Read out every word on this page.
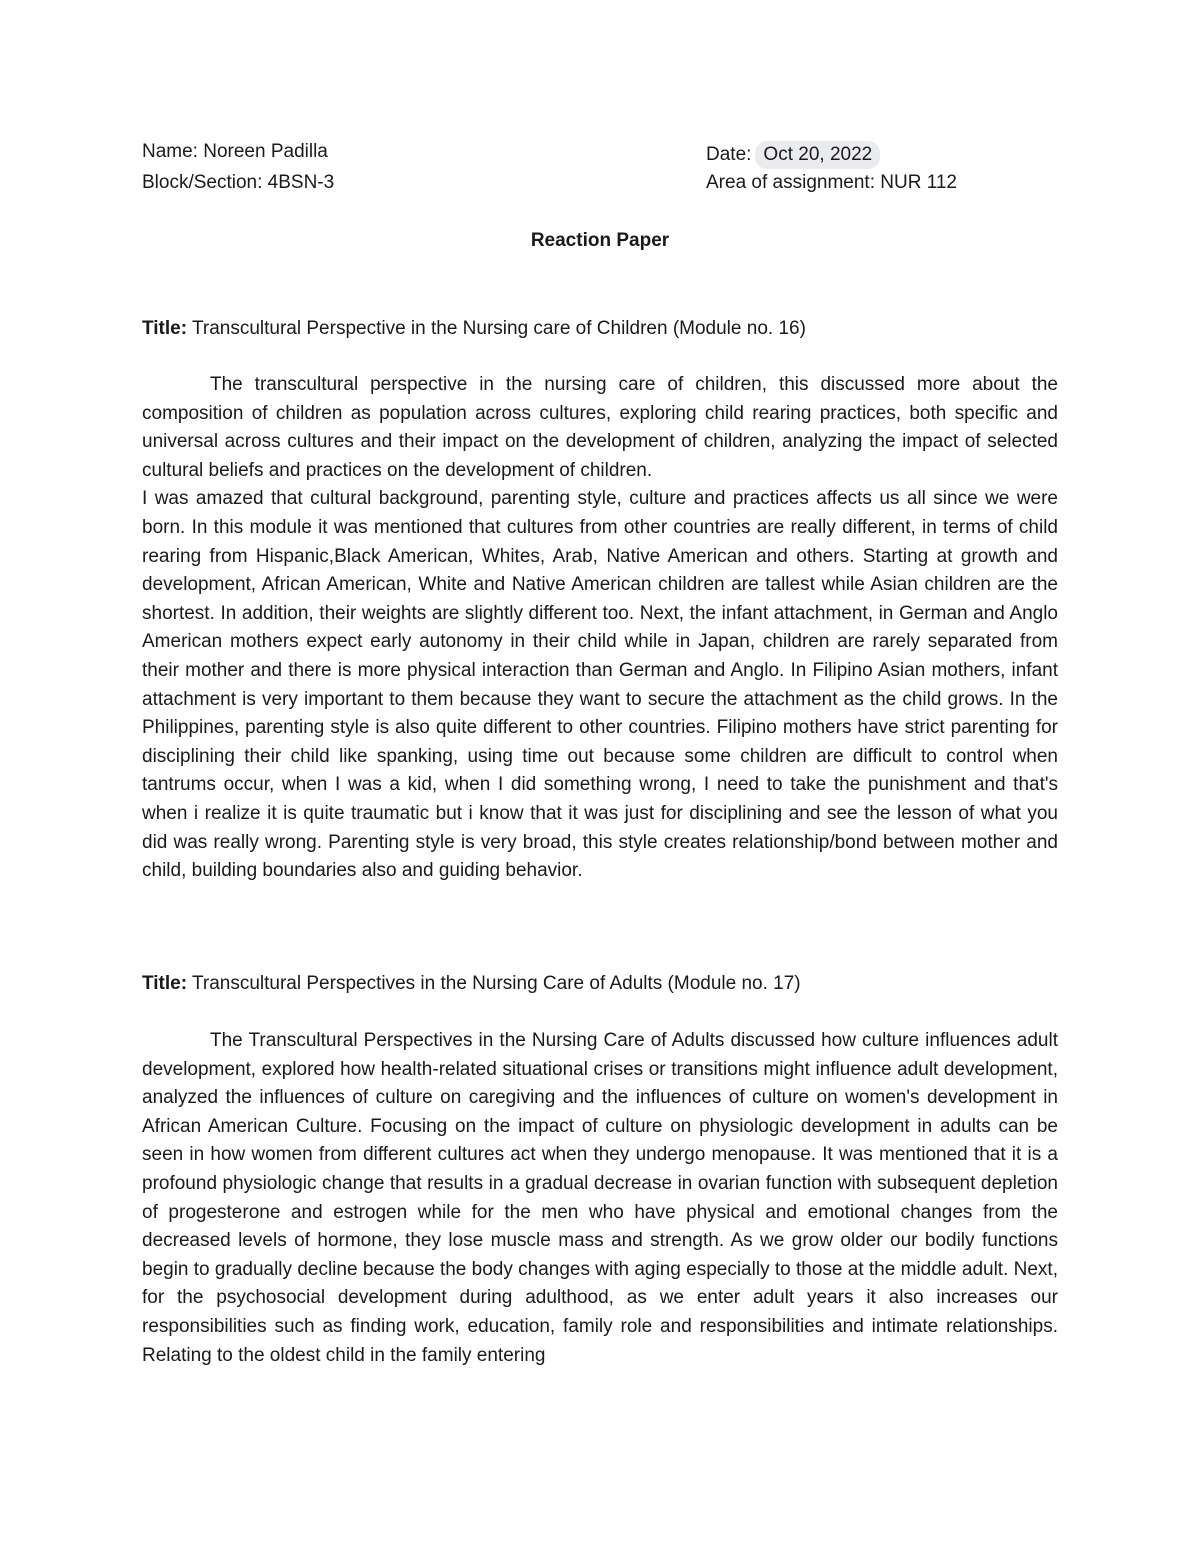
Name: Noreen Padilla	Date: Oct 20, 2022
Block/Section: 4BSN-3	Area of assignment: NUR 112
Reaction Paper
Title: Transcultural Perspective in the Nursing care of Children (Module no. 16)

The transcultural perspective in the nursing care of children, this discussed more about the composition of children as population across cultures, exploring child rearing practices, both specific and universal across cultures and their impact on the development of children, analyzing the impact of selected cultural beliefs and practices on the development of children.

I was amazed that cultural background, parenting style, culture and practices affects us all since we were born. In this module it was mentioned that cultures from other countries are really different, in terms of child rearing from Hispanic,Black American, Whites, Arab, Native American and others. Starting at growth and development, African American, White and Native American children are tallest while Asian children are the shortest. In addition, their weights are slightly different too. Next, the infant attachment, in German and Anglo American mothers expect early autonomy in their child while in Japan, children are rarely separated from their mother and there is more physical interaction than German and Anglo. In Filipino Asian mothers, infant attachment is very important to them because they want to secure the attachment as the child grows. In the Philippines, parenting style is also quite different to other countries. Filipino mothers have strict parenting for disciplining their child like spanking, using time out because some children are difficult to control when tantrums occur, when I was a kid, when I did something wrong, I need to take the punishment and that's when i realize it is quite traumatic but i know that it was just for disciplining and see the lesson of what you did was really wrong. Parenting style is very broad, this style creates relationship/bond between mother and child, building boundaries also and guiding behavior.

Title: Transcultural Perspectives in the Nursing Care of Adults (Module no. 17)

The Transcultural Perspectives in the Nursing Care of Adults discussed how culture influences adult development, explored how health-related situational crises or transitions might influence adult development, analyzed the influences of culture on caregiving and the influences of culture on women's development in African American Culture. Focusing on the impact of culture on physiologic development in adults can be seen in how women from different cultures act when they undergo menopause. It was mentioned that it is a profound physiologic change that results in a gradual decrease in ovarian function with subsequent depletion of progesterone and estrogen while for the men who have physical and emotional changes from the decreased levels of hormone, they lose muscle mass and strength. As we grow older our bodily functions begin to gradually decline because the body changes with aging especially to those at the middle adult. Next, for the psychosocial development during adulthood, as we enter adult years it also increases our responsibilities such as finding work, education, family role and responsibilities and intimate relationships. Relating to the oldest child in the family entering
